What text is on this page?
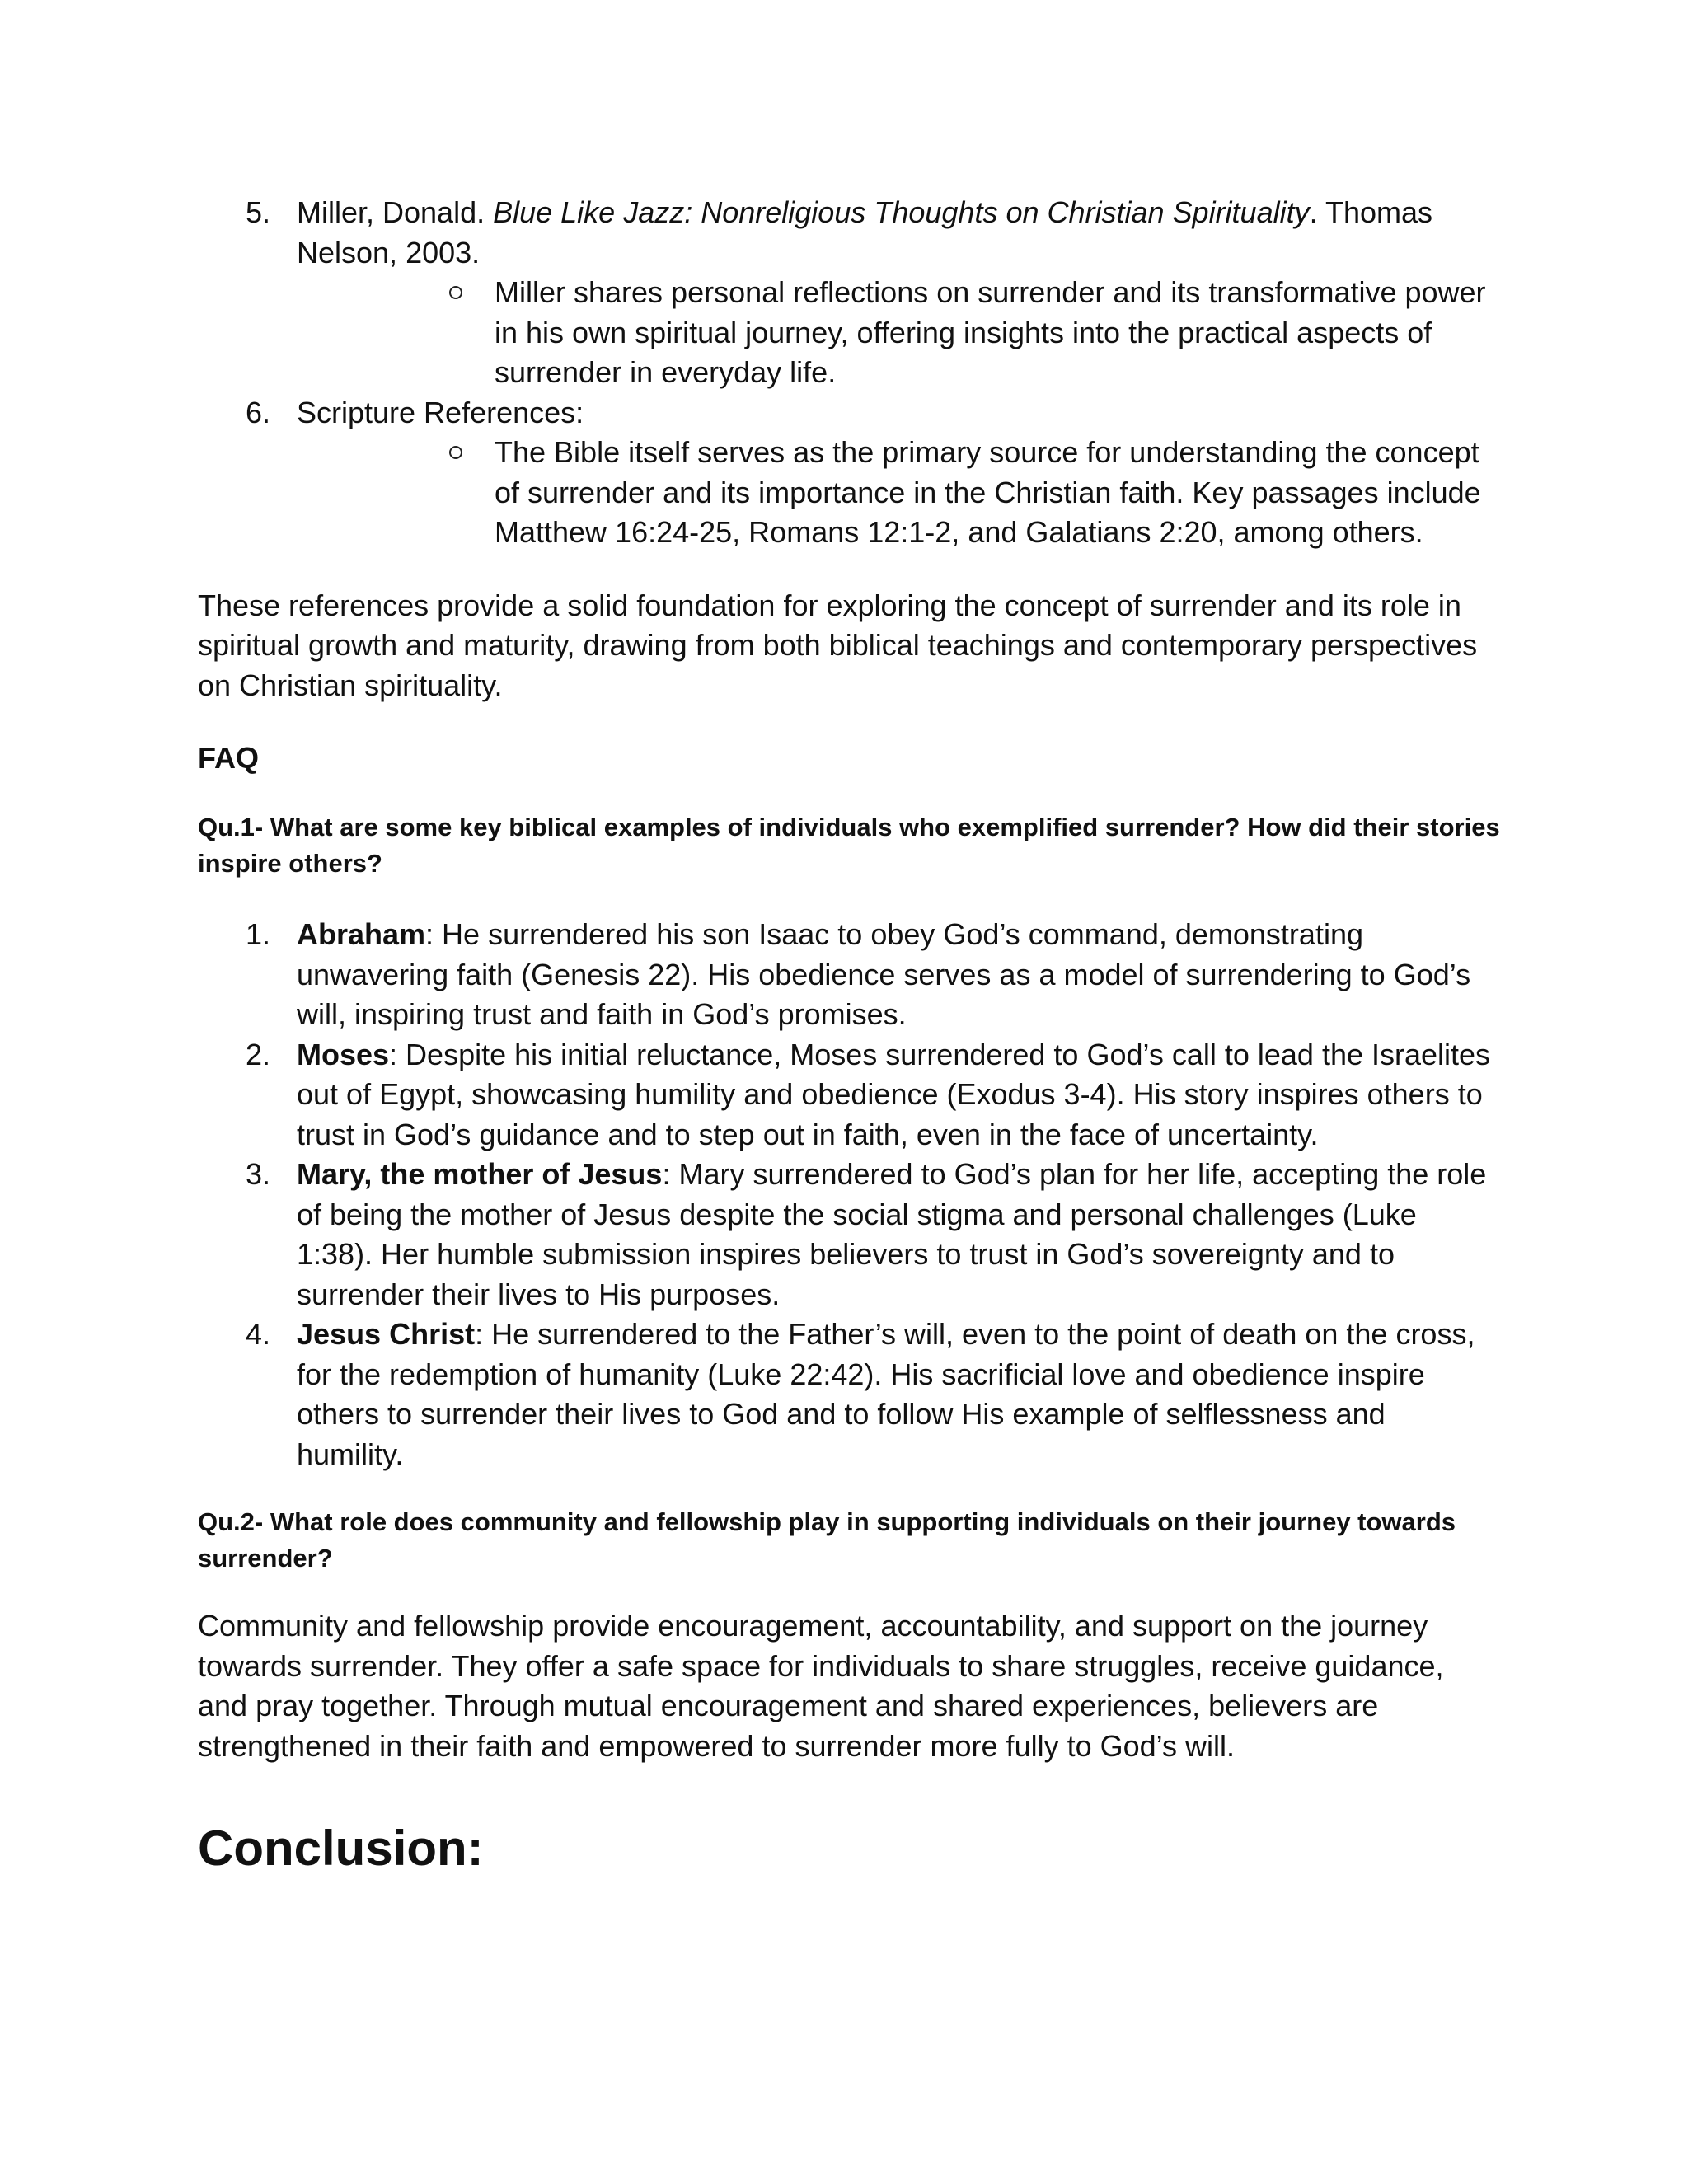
5. Miller, Donald. Blue Like Jazz: Nonreligious Thoughts on Christian Spirituality. Thomas Nelson, 2003.
Miller shares personal reflections on surrender and its transformative power in his own spiritual journey, offering insights into the practical aspects of surrender in everyday life.
6. Scripture References:
The Bible itself serves as the primary source for understanding the concept of surrender and its importance in the Christian faith. Key passages include Matthew 16:24-25, Romans 12:1-2, and Galatians 2:20, among others.

These references provide a solid foundation for exploring the concept of surrender and its role in spiritual growth and maturity, drawing from both biblical teachings and contemporary perspectives on Christian spirituality.

FAQ
Qu.1- What are some key biblical examples of individuals who exemplified surrender? How did their stories inspire others?
1. Abraham: He surrendered his son Isaac to obey God’s command, demonstrating unwavering faith (Genesis 22). His obedience serves as a model of surrendering to God’s will, inspiring trust and faith in God’s promises.
2. Moses: Despite his initial reluctance, Moses surrendered to God’s call to lead the Israelites out of Egypt, showcasing humility and obedience (Exodus 3-4). His story inspires others to trust in God’s guidance and to step out in faith, even in the face of uncertainty.
3. Mary, the mother of Jesus: Mary surrendered to God’s plan for her life, accepting the role of being the mother of Jesus despite the social stigma and personal challenges (Luke 1:38). Her humble submission inspires believers to trust in God’s sovereignty and to surrender their lives to His purposes.
4. Jesus Christ: He surrendered to the Father’s will, even to the point of death on the cross, for the redemption of humanity (Luke 22:42). His sacrificial love and obedience inspire others to surrender their lives to God and to follow His example of selflessness and humility.
Qu.2- What role does community and fellowship play in supporting individuals on their journey towards surrender?

Community and fellowship provide encouragement, accountability, and support on the journey towards surrender. They offer a safe space for individuals to share struggles, receive guidance, and pray together. Through mutual encouragement and shared experiences, believers are strengthened in their faith and empowered to surrender more fully to God’s will.

Conclusion:
